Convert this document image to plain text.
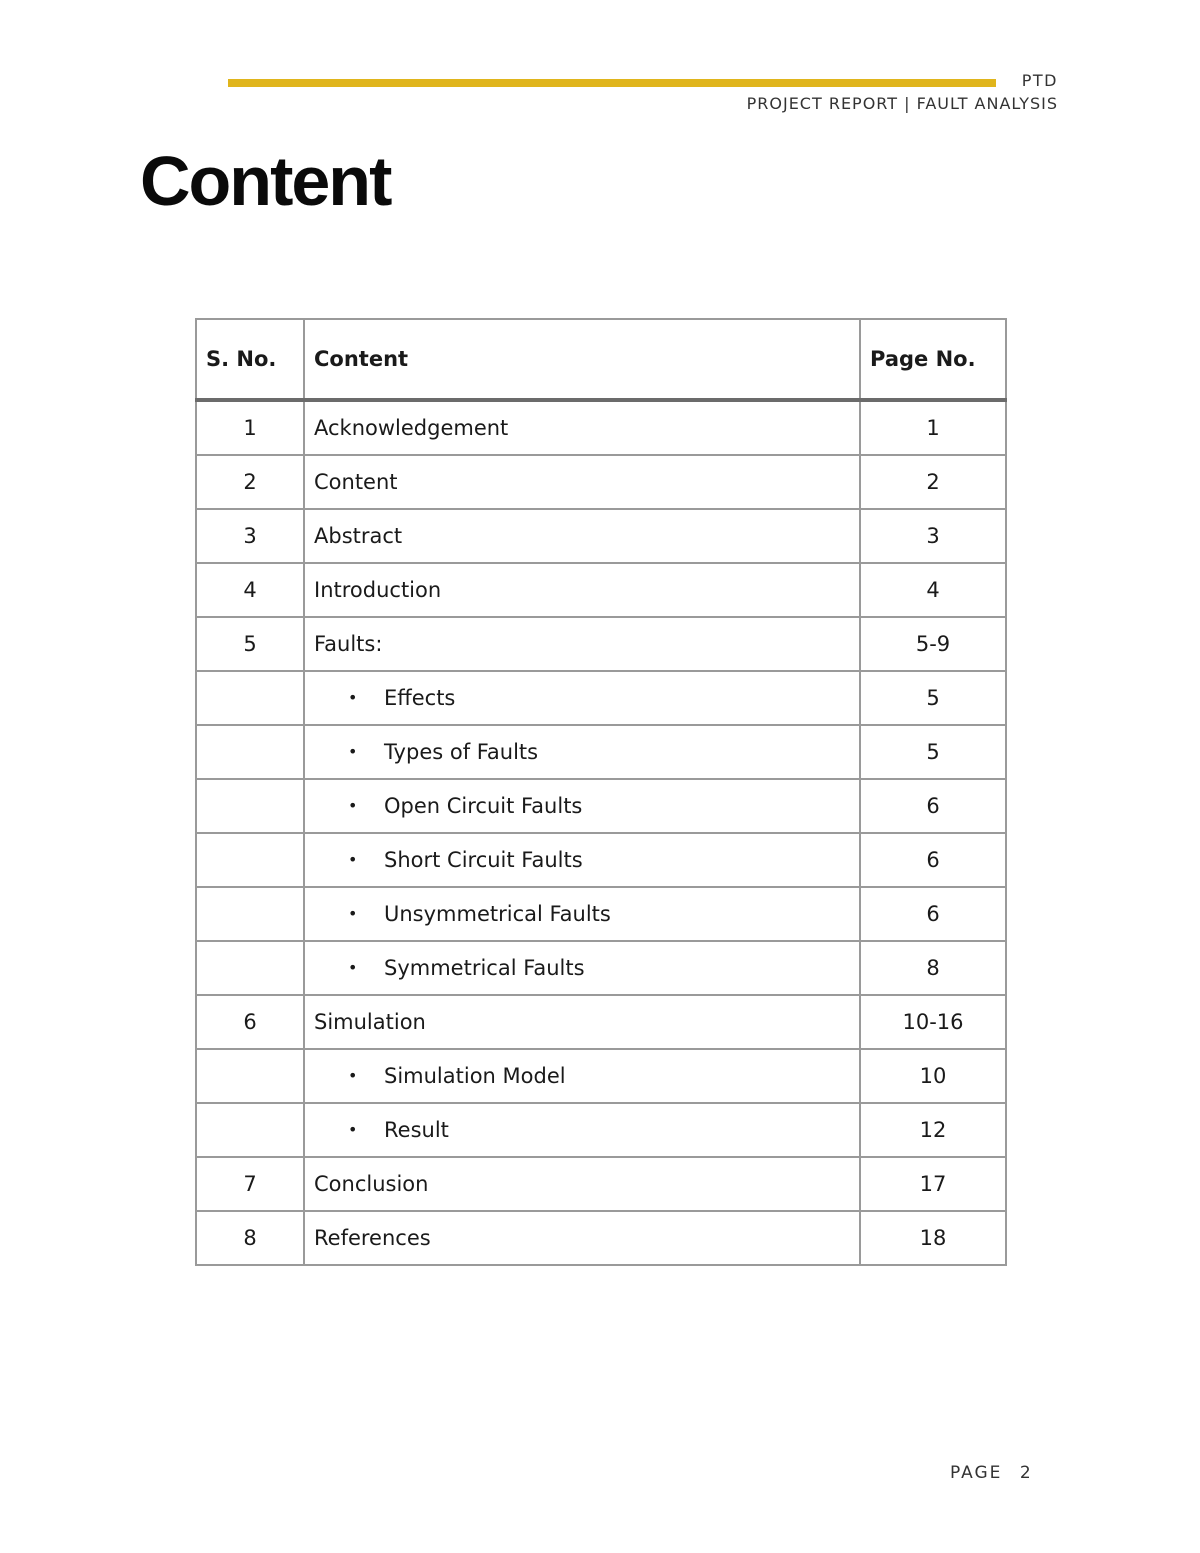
PTD
PROJECT REPORT | FAULT ANALYSIS
Content
S. No.	Content	Page No.
1	Acknowledgement	1
2	Content	2
3	Abstract	3
4	Introduction	4
5	Faults:	5-9

	• Effects	5

	• Types of Faults	5

	• Open Circuit Faults	6

	• Short Circuit Faults	6

	• Unsymmetrical Faults	6

	• Symmetrical Faults	8
6	Simulation	10-16

	• Simulation Model	10

	• Result	12
7	Conclusion	17
8	References	18
PAGE 2
